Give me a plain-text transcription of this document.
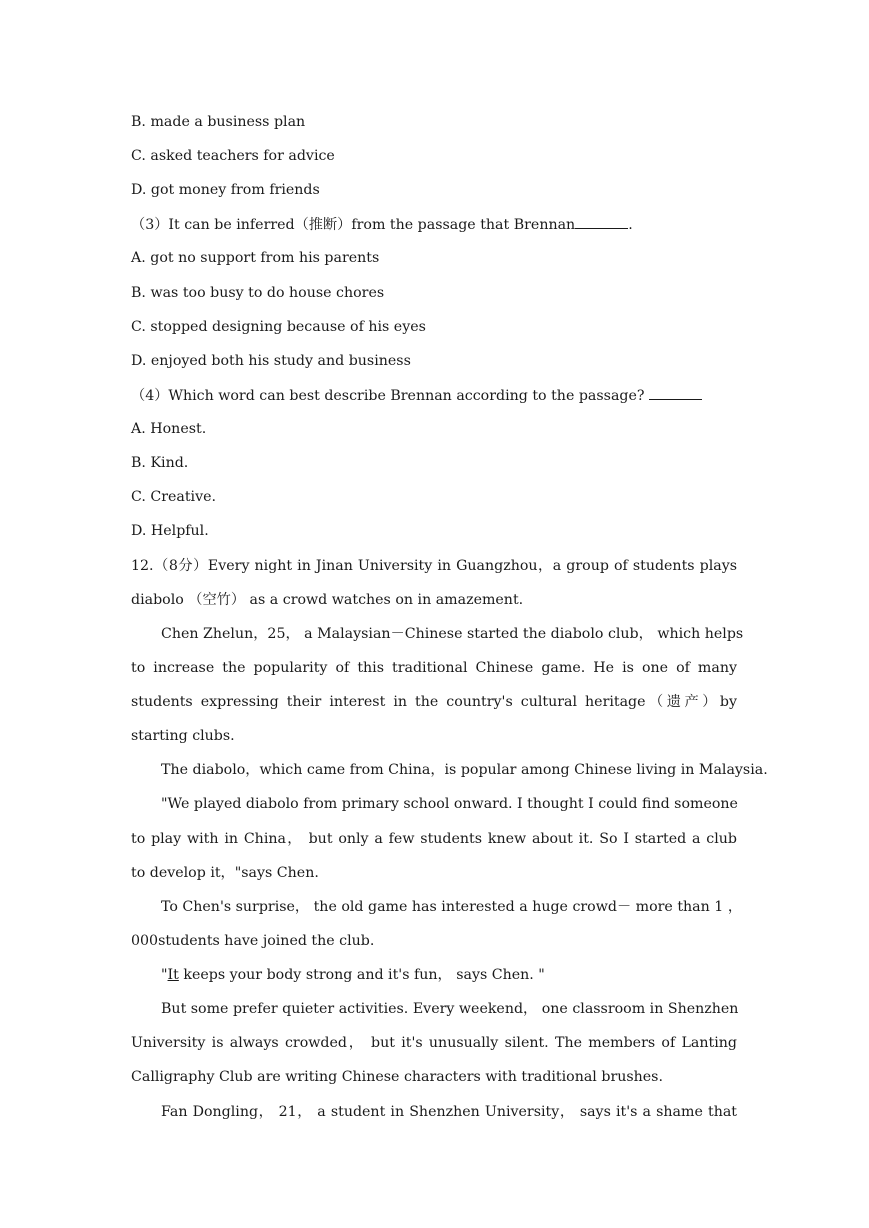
B. made a business plan
C. asked teachers for advice
D. got money from friends
（3）It can be inferred（推断）from the passage that Brennan	.
A. got no support from his parents
B. was too busy to do house chores
C. stopped designing because of his eyes
D. enjoyed both his study and business
（4）Which word can best describe Brennan according to the passage?
A. Honest.
B. Kind.
C. Creative.
D. Helpful.
12.（8分）Every night in Jinan University in Guangzhou，a group of students plays
diabolo （空竹） as a crowd watches on in amazement.
Chen Zhelun，25， a Malaysian－Chinese started the diabolo club， which helps
to increase the popularity of this traditional Chinese game. He is one of many
students expressing their interest in the country's cultural heritage（遗产）by
starting clubs.
The diabolo，which came from China，is popular among Chinese living in Malaysia.
"We played diabolo from primary school onward. I thought I could find someone
to play with in China， but only a few students knew about it. So I started a club
to develop it，"says Chen.
To Chen's surprise， the old game has interested a huge crowd－ more than 1 ，
000students have joined the club.
"It keeps your body strong and it's fun， says Chen. "
But some prefer quieter activities. Every weekend， one classroom in Shenzhen
University is always crowded， but it's unusually silent. The members of Lanting
Calligraphy Club are writing Chinese characters with traditional brushes.
Fan Dongling， 21， a student in Shenzhen University， says it's a shame that
